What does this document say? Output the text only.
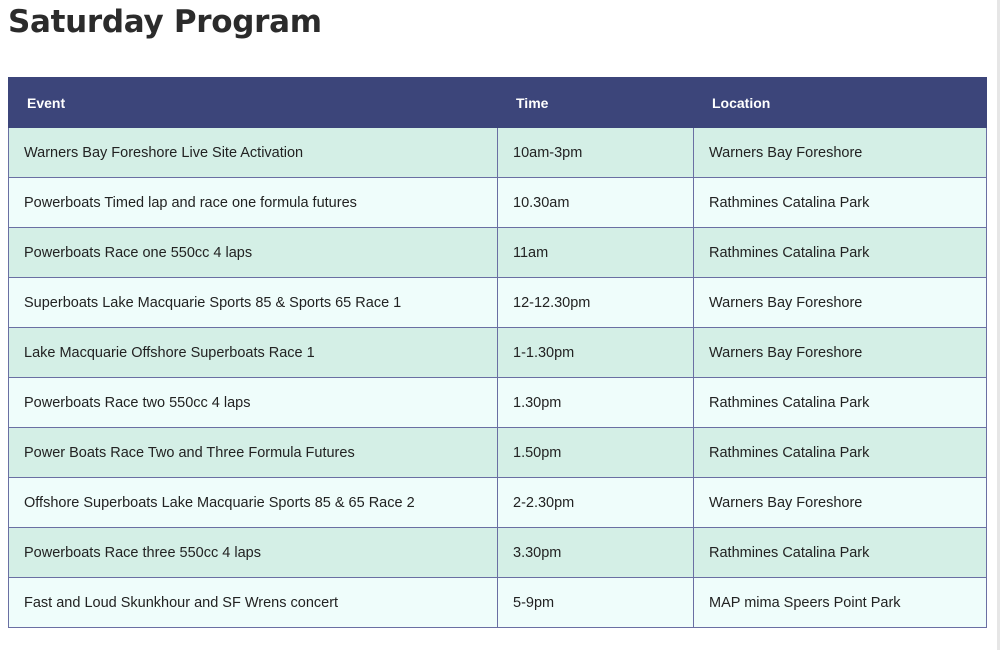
Saturday Program
Event	Time	Location
Warners Bay Foreshore Live Site Activation	10am-3pm	Warners Bay Foreshore
Powerboats Timed lap and race one formula futures	10.30am	Rathmines Catalina Park
Powerboats Race one 550cc 4 laps	11am	Rathmines Catalina Park
Superboats Lake Macquarie Sports 85 & Sports 65 Race 1	12-12.30pm	Warners Bay Foreshore
Lake Macquarie Offshore Superboats Race 1	1-1.30pm	Warners Bay Foreshore
Powerboats Race two 550cc 4 laps	1.30pm	Rathmines Catalina Park
Power Boats Race Two and Three Formula Futures	1.50pm	Rathmines Catalina Park
Offshore Superboats Lake Macquarie Sports 85 & 65 Race 2	2-2.30pm	Warners Bay Foreshore
Powerboats Race three 550cc 4 laps	3.30pm	Rathmines Catalina Park
Fast and Loud Skunkhour and SF Wrens concert	5-9pm	MAP mima Speers Point Park
